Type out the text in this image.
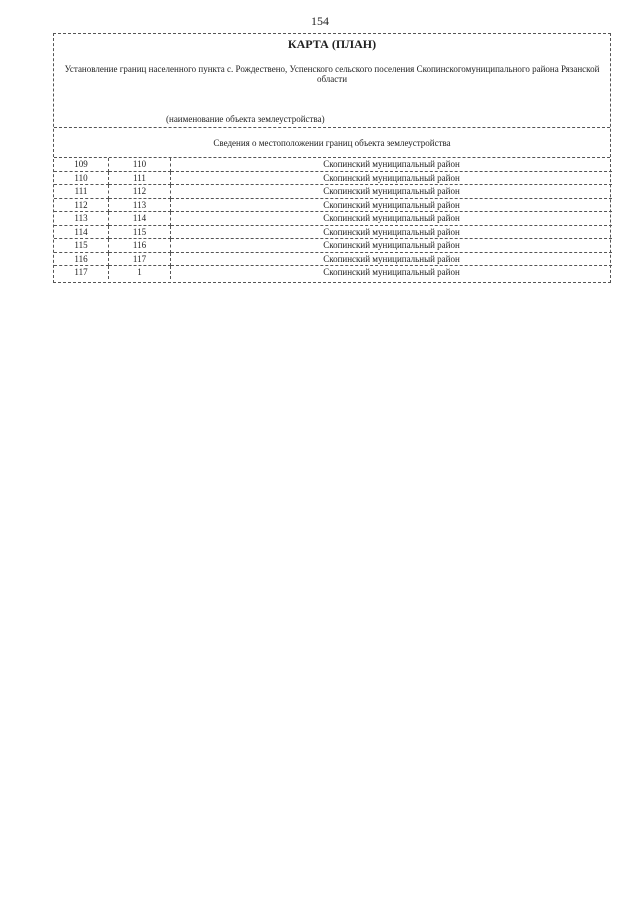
154
КАРТА (ПЛАН)
Установление границ населенного пункта с. Рождествено, Успенского сельского поселения Скопинскогомуниципального района Рязанской области
(наименование объекта землеустройства)
Сведения о местоположении границ объекта землеустройства
109	110	Скопинский муниципальный район
110	111	Скопинский муниципальный район
111	112	Скопинский муниципальный район
112	113	Скопинский муниципальный район
113	114	Скопинский муниципальный район
114	115	Скопинский муниципальный район
115	116	Скопинский муниципальный район
116	117	Скопинский муниципальный район
117	1	Скопинский муниципальный район
